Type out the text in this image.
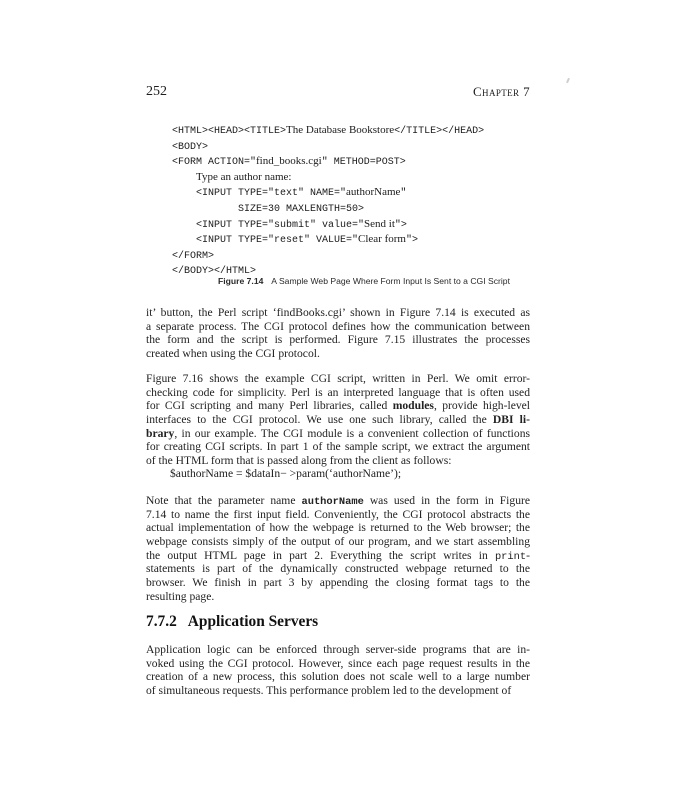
252	Chapter 7
<HTML><HEAD><TITLE>The Database Bookstore</TITLE></HEAD>
<BODY>
<FORM ACTION="find_books.cgi" METHOD=POST>
Type an author name:
<INPUT TYPE="text" NAME="authorName"
SIZE=30 MAXLENGTH=50>
<INPUT TYPE="submit" value="Send it">
<INPUT TYPE="reset" VALUE="Clear form">
</FORM>
</BODY></HTML>
Figure 7.14 A Sample Web Page Where Form Input Is Sent to a CGI Script
it’ button, the Perl script ‘findBooks.cgi’ shown in Figure 7.14 is executed as
a separate process. The CGI protocol defines how the communication between
the form and the script is performed. Figure 7.15 illustrates the processes
created when using the CGI protocol.
Figure 7.16 shows the example CGI script, written in Perl. We omit error-
checking code for simplicity. Perl is an interpreted language that is often used
for CGI scripting and many Perl libraries, called modules, provide high-level
interfaces to the CGI protocol. We use one such library, called the DBI li-
brary, in our example. The CGI module is a convenient collection of functions
for creating CGI scripts. In part 1 of the sample script, we extract the argument
of the HTML form that is passed along from the client as follows:
$authorName = $dataIn− >param(‘authorName’);
Note that the parameter name authorName was used in the form in Figure
7.14 to name the first input field. Conveniently, the CGI protocol abstracts the
actual implementation of how the webpage is returned to the Web browser; the
webpage consists simply of the output of our program, and we start assembling
the output HTML page in part 2. Everything the script writes in print-
statements is part of the dynamically constructed webpage returned to the
browser. We finish in part 3 by appending the closing format tags to the
resulting page.
7.7.2 Application Servers
Application logic can be enforced through server-side programs that are in-
voked using the CGI protocol. However, since each page request results in the
creation of a new process, this solution does not scale well to a large number
of simultaneous requests. This performance problem led to the development of
